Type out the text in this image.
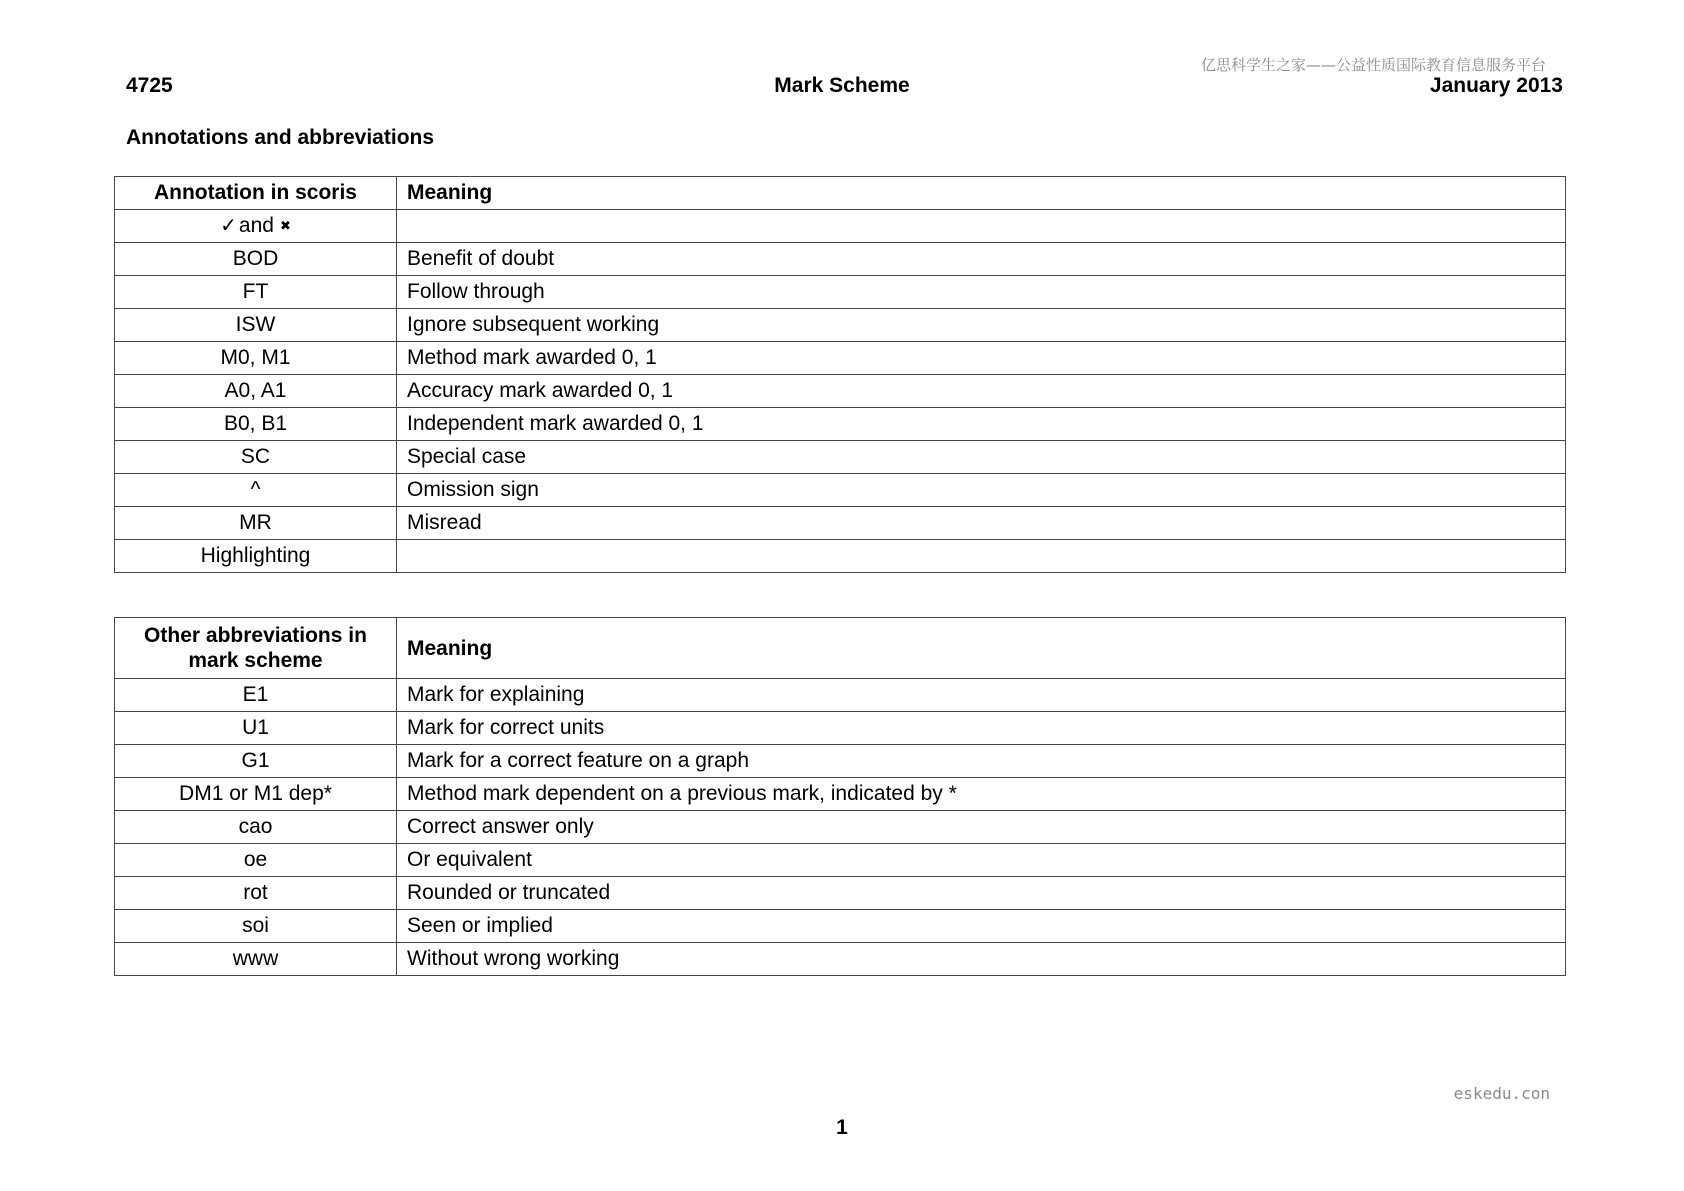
亿思科学生之家——公益性质国际教育信息服务平台
4725	Mark Scheme	January 2013
Annotations and abbreviations
Annotation in scoris	Meaning
✓and ✖	
BOD	Benefit of doubt
FT	Follow through
ISW	Ignore subsequent working
M0, M1	Method mark awarded 0, 1
A0, A1	Accuracy mark awarded 0, 1
B0, B1	Independent mark awarded 0, 1
SC	Special case
^	Omission sign
MR	Misread
Highlighting	
Other abbreviations in mark scheme	Meaning
E1	Mark for explaining
U1	Mark for correct units
G1	Mark for a correct feature on a graph
DM1 or M1 dep*	Method mark dependent on a previous mark, indicated by *
cao	Correct answer only
oe	Or equivalent
rot	Rounded or truncated
soi	Seen or implied
www	Without wrong working
eskedu.con
1
